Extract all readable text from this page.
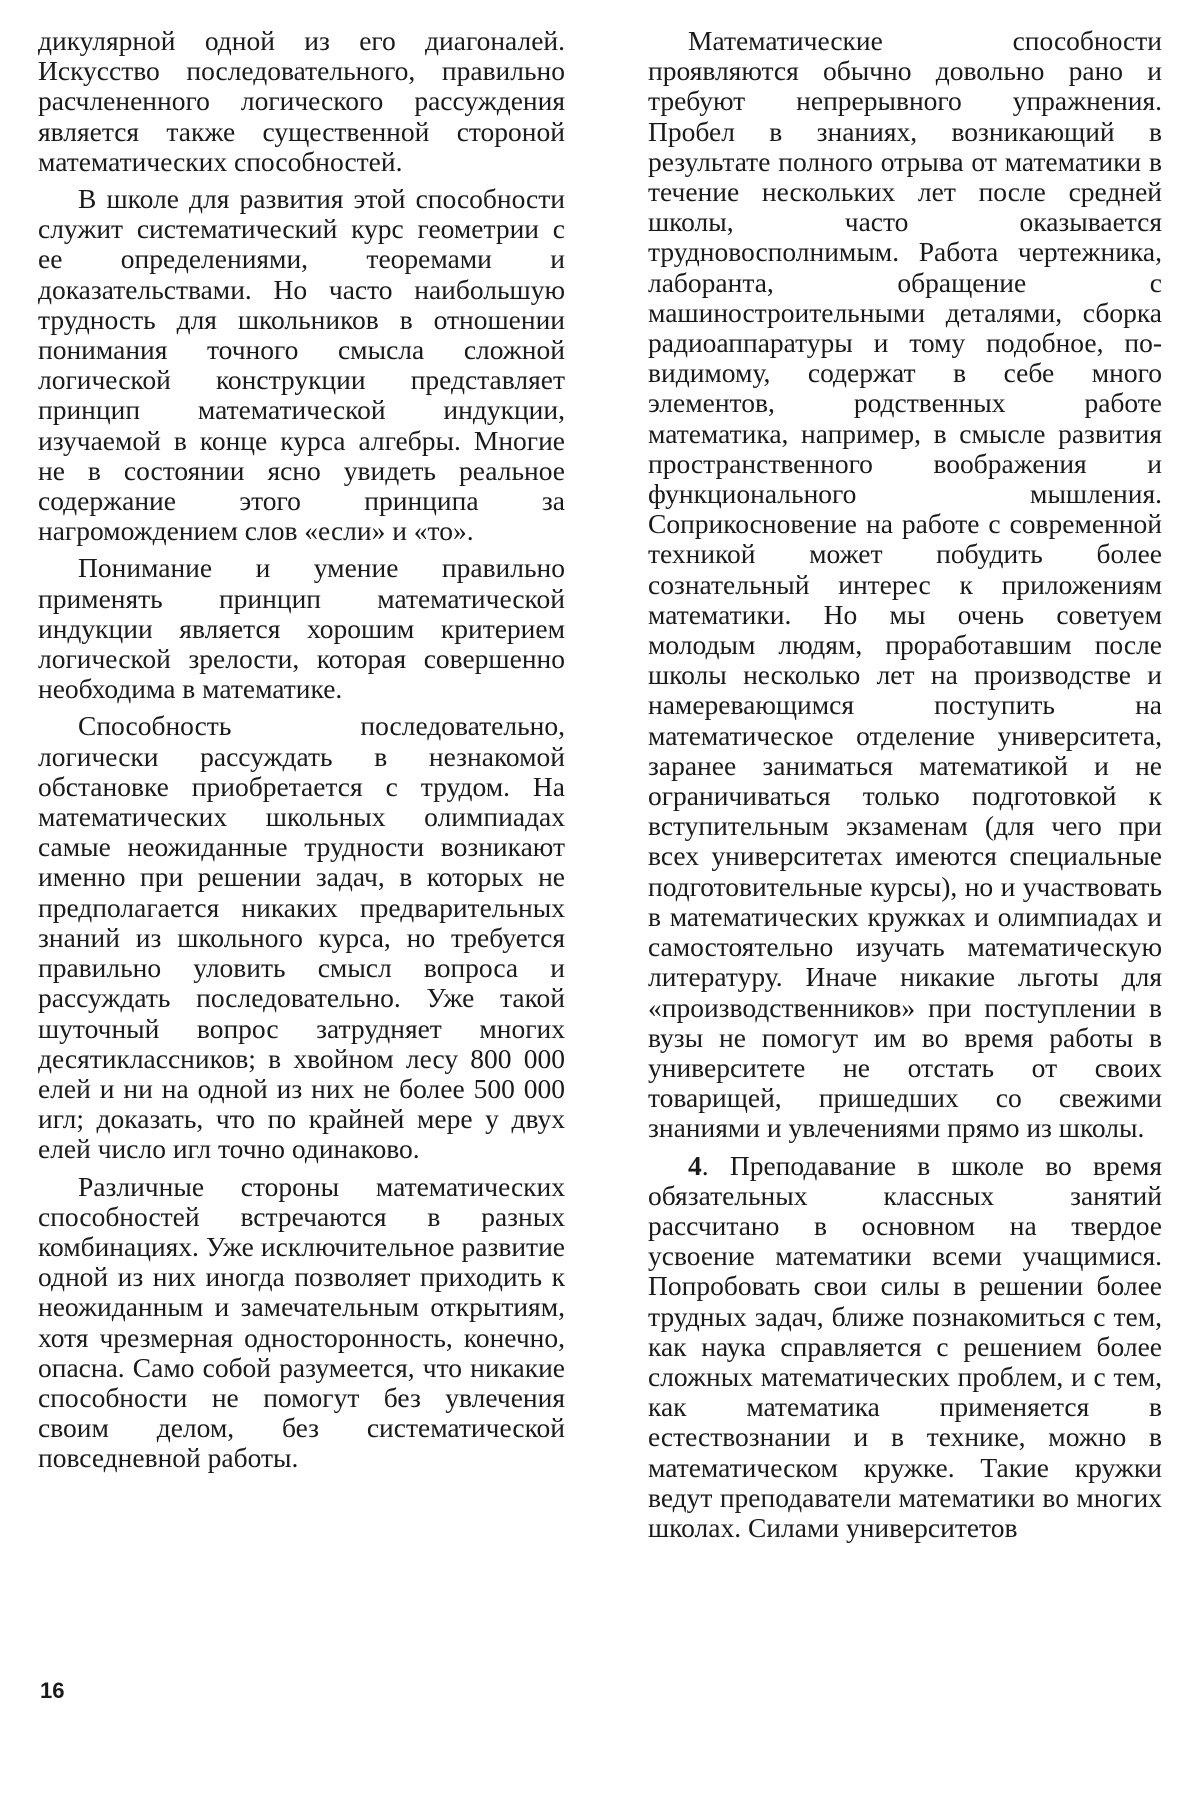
дикулярной одной из его диагоналей. Искусство последовательного, правильно расчлененного логического рассуждения является также существенной стороной математических способностей.

В школе для развития этой способности служит систематический курс геометрии с ее определениями, теоремами и доказательствами. Но часто наибольшую трудность для школьников в отношении понимания точного смысла сложной логической конструкции представляет принцип математической индукции, изучаемой в конце курса алгебры. Многие не в состоянии ясно увидеть реальное содержание этого принципа за нагромождением слов «если» и «то».

Понимание и умение правильно применять принцип математической индукции является хорошим критерием логической зрелости, которая совершенно необходима в математике.

Способность последовательно, логически рассуждать в незнакомой обстановке приобретается с трудом. На математических школьных олимпиадах самые неожиданные трудности возникают именно при решении задач, в которых не предполагается никаких предварительных знаний из школьного курса, но требуется правильно уловить смысл вопроса и рассуждать последовательно. Уже такой шуточный вопрос затрудняет многих десятиклассников; в хвойном лесу 800 000 елей и ни на одной из них не более 500 000 игл; доказать, что по крайней мере у двух елей число игл точно одинаково.

Различные стороны математических способностей встречаются в разных комбинациях. Уже исключительное развитие одной из них иногда позволяет приходить к неожиданным и замечательным открытиям, хотя чрезмерная односторонность, конечно, опасна. Само собой разумеется, что никакие способности не помогут без увлечения своим делом, без систематической повседневной работы.

Математические способности проявляются обычно довольно рано и требуют непрерывного упражнения. Пробел в знаниях, возникающий в результате полного отрыва от математики в течение нескольких лет после средней школы, часто оказывается трудновосполнимым. Работа чертежника, лаборанта, обращение с машиностроительными деталями, сборка радиоаппаратуры и тому подобное, по-видимому, содержат в себе много элементов, родственных работе математика, например, в смысле развития пространственного воображения и функционального мышления. Соприкосновение на работе с современной техникой может побудить более сознательный интерес к приложениям математики. Но мы очень советуем молодым людям, проработавшим после школы несколько лет на производстве и намеревающимся поступить на математическое отделение университета, заранее заниматься математикой и не ограничиваться только подготовкой к вступительным экзаменам (для чего при всех университетах имеются специальные подготовительные курсы), но и участвовать в математических кружках и олимпиадах и самостоятельно изучать математическую литературу. Иначе никакие льготы для «производственников» при поступлении в вузы не помогут им во время работы в университете не отстать от своих товарищей, пришедших со свежими знаниями и увлечениями прямо из школы.

4. Преподавание в школе во время обязательных классных занятий рассчитано в основном на твердое усвоение математики всеми учащимися. Попробовать свои силы в решении более трудных задач, ближе познакомиться с тем, как наука справляется с решением более сложных математических проблем, и с тем, как математика применяется в естествознании и в технике, можно в математическом кружке. Такие кружки ведут преподаватели математики во многих школах. Силами университетов

16
